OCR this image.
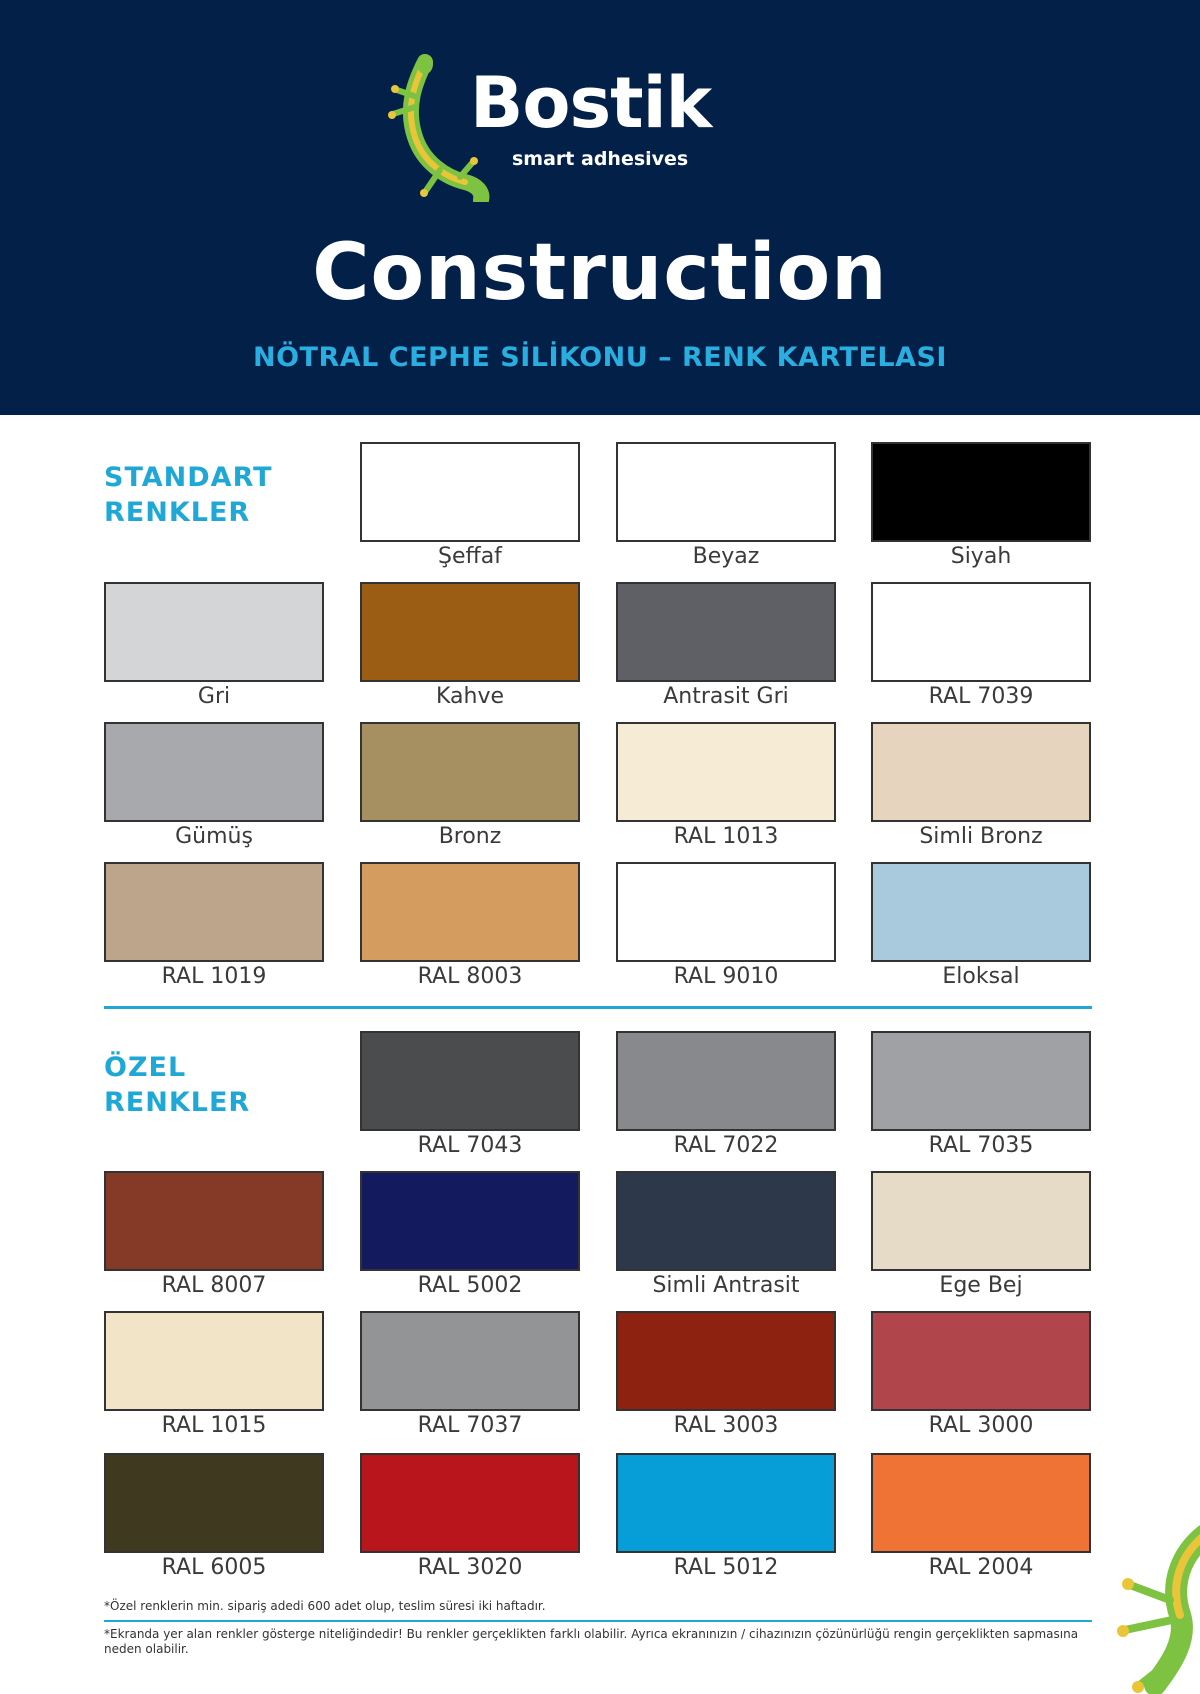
Bostik
smart adhesives
Construction
NÖTRAL CEPHE SİLİKONU – RENK KARTELASI
STANDART
RENKLER
ÖZEL
RENKLER
Şeffaf	Beyaz	Siyah
Gri	Kahve	Antrasit Gri	RAL 7039
Gümüş	Bronz	RAL 1013	Simli Bronz
RAL 1019	RAL 8003	RAL 9010	Eloksal
RAL 7043	RAL 7022	RAL 7035
RAL 8007	RAL 5002	Simli Antrasit	Ege Bej
RAL 1015	RAL 7037	RAL 3003	RAL 3000
RAL 6005	RAL 3020	RAL 5012	RAL 2004
*Özel renklerin min. sipariş adedi 600 adet olup, teslim süresi iki haftadır.
*Ekranda yer alan renkler gösterge niteliğindedir! Bu renkler gerçeklikten farklı olabilir. Ayrıca ekranınızın / cihazınızın çözünürlüğü rengin gerçeklikten sapmasına neden olabilir.
